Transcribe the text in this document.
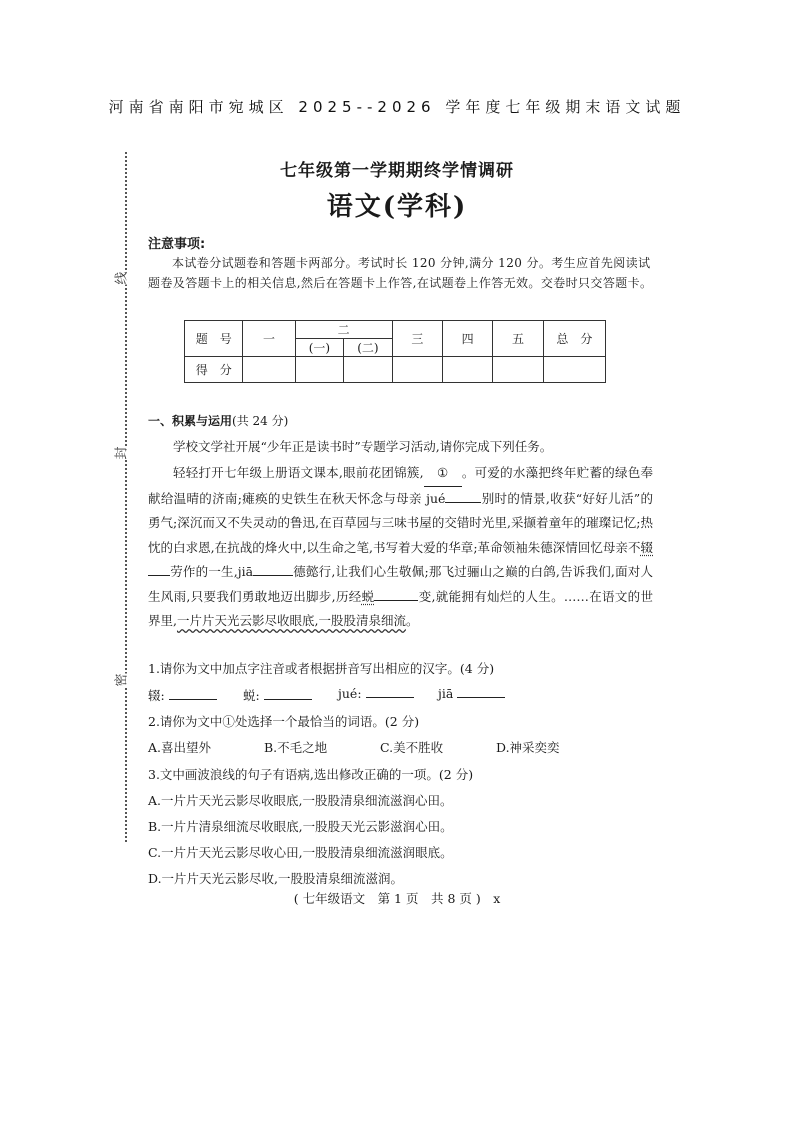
河南省南阳市宛城区 2025--2026 学年度七年级期末语文试题
线
封
密
七年级第一学期期终学情调研
语文(学科)
注意事项:
本试卷分试题卷和答题卡两部分。考试时长 120 分钟,满分 120 分。考生应首先阅读试题卷及答题卡上的相关信息,然后在答题卡上作答,在试题卷上作答无效。交卷时只交答题卡。
题　号	一	二		三	四	五	总　分
		(一)	(二)				
得　分							
一、积累与运用(共 24 分)
学校文学社开展“少年正是读书时”专题学习活动,请你完成下列任务。
轻轻打开七年级上册语文课本,眼前花团锦簇, ① 。可爱的水藻把终年贮蓄的绿色奉献给温晴的济南;瘫痪的史铁生在秋天怀念与母亲 jué	别时的情景,收获“好好儿活”的勇气;深沉而又不失灵动的鲁迅,在百草园与三味书屋的交错时光里,采撷着童年的璀璨记忆;热忱的白求恩,在抗战的烽火中,以生命之笔,书写着大爱的华章;革命领袖朱德深情回忆母亲不辍劳作的一生,jiā	德懿行,让我们心生敬佩;那飞过骊山之巅的白鸽,告诉我们,面对人生风雨,只要我们勇敢地迈出脚步,历经蜕	变,就能拥有灿烂的人生。……在语文的世界里,一片片天光云影尽收眼底,一股股清泉细流。
1.请你为文中加点字注音或者根据拼音写出相应的汉字。(4 分)
辍:	蜕:	jué:	jiā
2.请你为文中①处选择一个最恰当的词语。(2 分)
A.喜出望外	B.不毛之地	C.美不胜收	D.神采奕奕
3.文中画波浪线的句子有语病,选出修改正确的一项。(2 分)
A.一片片天光云影尽收眼底,一股股清泉细流滋润心田。
B.一片片清泉细流尽收眼底,一股股天光云影滋润心田。
C.一片片天光云影尽收心田,一股股清泉细流滋润眼底。
D.一片片天光云影尽收,一股股清泉细流滋润。
( 七年级语文　第 1 页　共 8 页 )　x
